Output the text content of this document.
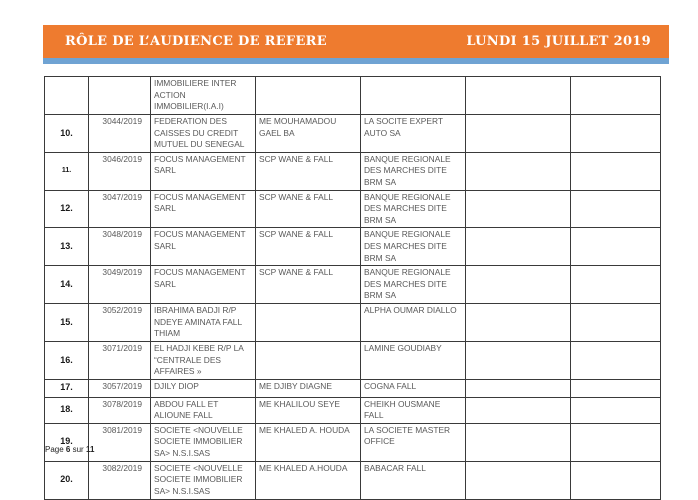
RÔLE DE L’AUDIENCE DE REFERE	LUNDI 15 JUILLET 2019
		IMMOBILIERE INTER ACTION IMMOBILIER(I.A.I)				
10.	3044/2019	FEDERATION DES CAISSES DU CREDIT MUTUEL DU SENEGAL	ME MOUHAMADOU GAEL BA	LA SOCITE EXPERT AUTO SA		
11.	3046/2019	FOCUS MANAGEMENT SARL	SCP WANE & FALL	BANQUE REGIONALE DES MARCHES DITE BRM SA		
12.	3047/2019	FOCUS MANAGEMENT SARL	SCP WANE & FALL	BANQUE REGIONALE DES MARCHES DITE BRM SA		
13.	3048/2019	FOCUS MANAGEMENT SARL	SCP WANE & FALL	BANQUE REGIONALE DES MARCHES DITE BRM SA		
14.	3049/2019	FOCUS MANAGEMENT SARL	SCP WANE & FALL	BANQUE REGIONALE DES MARCHES DITE BRM SA		
15.	3052/2019	IBRAHIMA BADJI R/P NDEYE AMINATA FALL THIAM		ALPHA OUMAR DIALLO		
16.	3071/2019	EL HADJI KEBE R/P LA “CENTRALE DES AFFAIRES »		LAMINE GOUDIABY		
17.	3057/2019	DJILY DIOP	ME DJIBY DIAGNE	COGNA FALL		
18.	3078/2019	ABDOU FALL ET ALIOUNE FALL	ME KHALILOU SEYE	CHEIKH OUSMANE FALL		
19.	3081/2019	SOCIETE <NOUVELLE SOCIETE IMMOBILIER SA> N.S.I.SAS	ME KHALED A. HOUDA	LA SOCIETE MASTER OFFICE		
20.	3082/2019	SOCIETE <NOUVELLE SOCIETE IMMOBILIER SA> N.S.I.SAS	ME KHALED A.HOUDA	BABACAR FALL		
Page 6 sur 11
